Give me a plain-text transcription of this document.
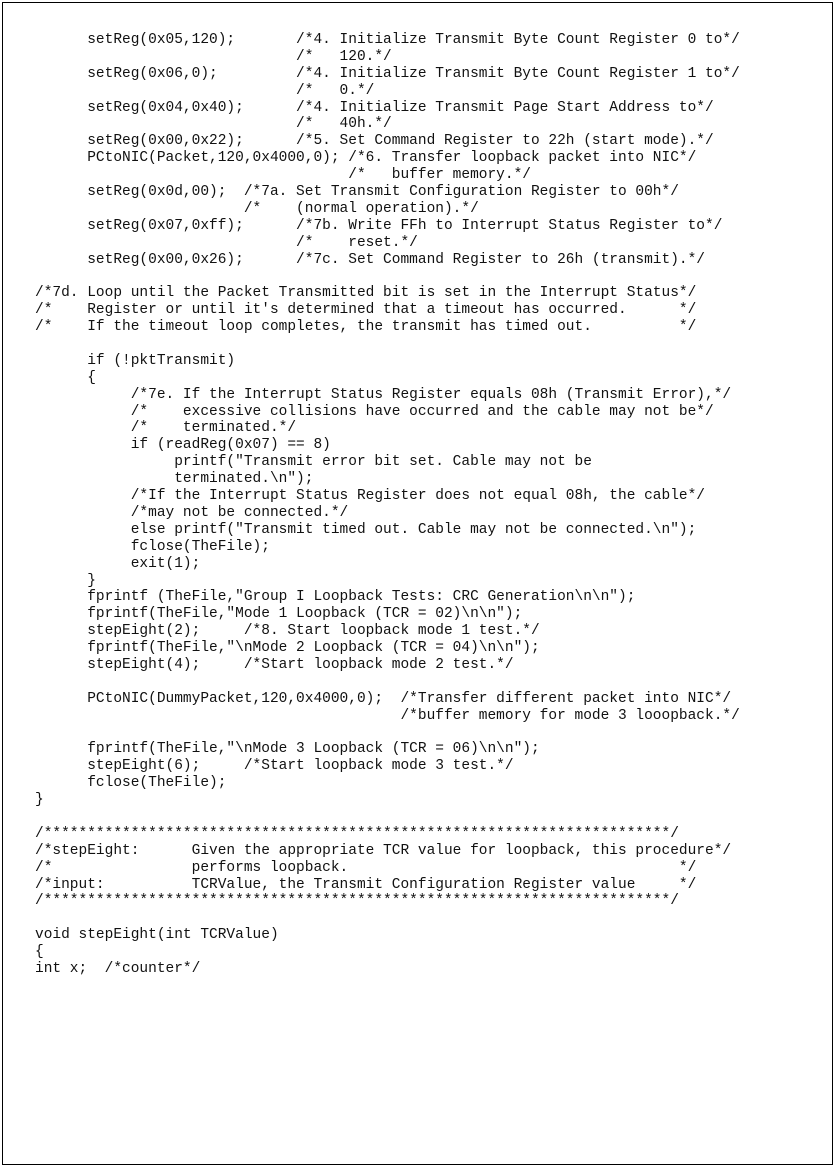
setReg(0x05,120);       /*4. Initialize Transmit Byte Count Register 0 to*/
/*   120.*/
setReg(0x06,0);         /*4. Initialize Transmit Byte Count Register 1 to*/
/*   0.*/
setReg(0x04,0x40);      /*4. Initialize Transmit Page Start Address to*/
/*   40h.*/
setReg(0x00,0x22);      /*5. Set Command Register to 22h (start mode).*/
PCtoNIC(Packet,120,0x4000,0); /*6. Transfer loopback packet into NIC*/
/*   buffer memory.*/
setReg(0x0d,00);  /*7a. Set Transmit Configuration Register to 00h*/
/*    (normal operation).*/
setReg(0x07,0xff);      /*7b. Write FFh to Interrupt Status Register to*/
/*    reset.*/
setReg(0x00,0x26);      /*7c. Set Command Register to 26h (transmit).*/
/*7d. Loop until the Packet Transmitted bit is set in the Interrupt Status*/
/*    Register or until it's determined that a timeout has occurred.      */
/*    If the timeout loop completes, the transmit has timed out.          */
if (!pktTransmit)
{
/*7e. If the Interrupt Status Register equals 08h (Transmit Error),*/
/*    excessive collisions have occurred and the cable may not be*/
/*    terminated.*/
if (readReg(0x07) == 8)
printf("Transmit error bit set. Cable may not be
terminated.\n");
/*If the Interrupt Status Register does not equal 08h, the cable*/
/*may not be connected.*/
else printf("Transmit timed out. Cable may not be connected.\n");
fclose(TheFile);
exit(1);
}
fprintf (TheFile,"Group I Loopback Tests: CRC Generation\n\n");
fprintf(TheFile,"Mode 1 Loopback (TCR = 02)\n\n");
stepEight(2);     /*8. Start loopback mode 1 test.*/
fprintf(TheFile,"\nMode 2 Loopback (TCR = 04)\n\n");
stepEight(4);     /*Start loopback mode 2 test.*/
PCtoNIC(DummyPacket,120,0x4000,0);  /*Transfer different packet into NIC*/
/*buffer memory for mode 3 looopback.*/
fprintf(TheFile,"\nMode 3 Loopback (TCR = 06)\n\n");
stepEight(6);     /*Start loopback mode 3 test.*/
fclose(TheFile);
}
/************************************************************************/
/*stepEight:      Given the appropriate TCR value for loopback, this procedure*/
/*                performs loopback.                                      */
/*input:          TCRValue, the Transmit Configuration Register value     */
/************************************************************************/
void stepEight(int TCRValue)
{
int x;  /*counter*/
